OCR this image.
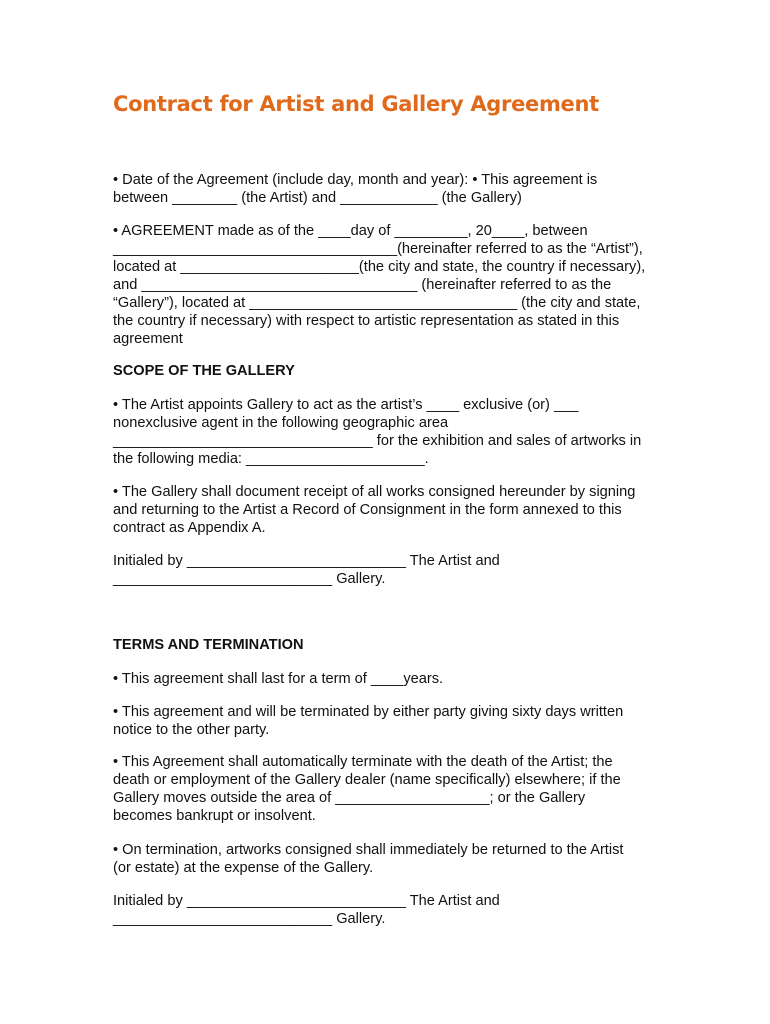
Contract for Artist and Gallery Agreement
• Date of the Agreement (include day, month and year): • This agreement is
between ________ (the Artist) and ____________ (the Gallery)
• AGREEMENT made as of the ____day of _________, 20____, between
___________________________________(hereinafter referred to as the “Artist”),
located at ______________________(the city and state, the country if necessary),
and __________________________________ (hereinafter referred to as the
“Gallery”), located at _________________________________ (the city and state,
the country if necessary) with respect to artistic representation as stated in this
agreement
SCOPE OF THE GALLERY
• The Artist appoints Gallery to act as the artist’s ____ exclusive (or) ___
nonexclusive agent in the following geographic area
________________________________ for the exhibition and sales of artworks in
the following media: ______________________.
• The Gallery shall document receipt of all works consigned hereunder by signing
and returning to the Artist a Record of Consignment in the form annexed to this
contract as Appendix A.
Initialed by ___________________________ The Artist and
___________________________ Gallery.
TERMS AND TERMINATION
• This agreement shall last for a term of ____years.
• This agreement and will be terminated by either party giving sixty days written
notice to the other party.
• This Agreement shall automatically terminate with the death of the Artist; the
death or employment of the Gallery dealer (name specifically) elsewhere; if the
Gallery moves outside the area of ___________________; or the Gallery
becomes bankrupt or insolvent.
• On termination, artworks consigned shall immediately be returned to the Artist
(or estate) at the expense of the Gallery.
Initialed by ___________________________ The Artist and
___________________________ Gallery.
